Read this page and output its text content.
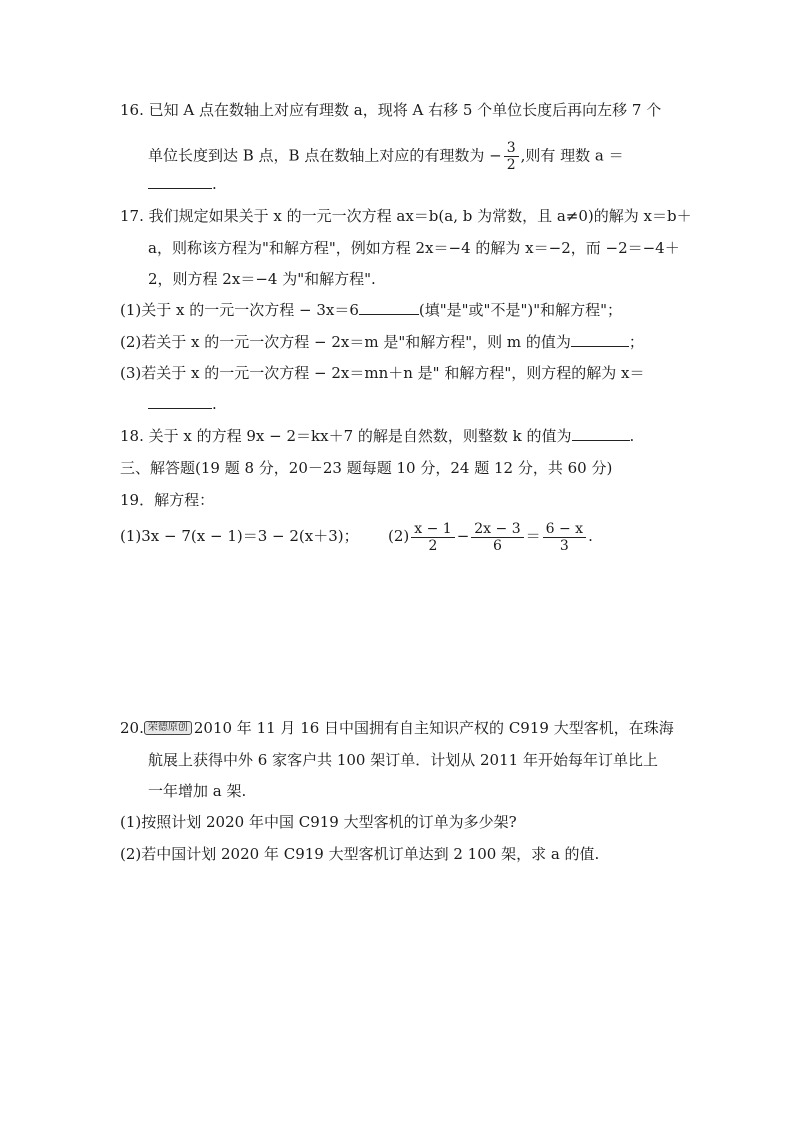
16. 已知 A 点在数轴上对应有理数 a，现将 A 右移 5 个单位长度后再向左移 7 个
单位长度到达 B 点，B 点在数轴上对应的有理数为 − $\frac{3}{2}$ ,则有 理数 a ＝
.
17. 我们规定如果关于 x 的一元一次方程 ax＝b(a, b 为常数，且 a≠0)的解为 x＝b＋
a，则称该方程为"和解方程"，例如方程 2x＝−4 的解为 x＝−2，而 −2＝−4＋
2，则方程 2x＝−4 为"和解方程".
(1)关于 x 的一元一次方程 − 3x＝6	(填"是"或"不是")"和解方程"；
(2)若关于 x 的一元一次方程 − 2x＝m 是"和解方程"，则 m 的值为	；
(3)若关于 x 的一元一次方程 − 2x＝mn＋n 是" 和解方程"，则方程的解为 x＝
.
18. 关于 x 的方程 9x − 2＝kx＋7 的解是自然数，则整数 k 的值为	.
三、解答题(19 题 8 分，20－23 题每题 10 分，24 题 12 分，共 60 分)
19．解方程：
(1)3x − 7(x − 1)＝3 − 2(x＋3)； $(2) \frac{x - 1}{2} - \frac{2x - 3}{6} = \frac{6 - x}{3}$ .
20. 荣德原创 2010 年 11 月 16 日中国拥有自主知识产权的 C919 大型客机，在珠海
航展上获得中外 6 家客户共 100 架订单．计划从 2011 年开始每年订单比上
一年增加 a 架.
(1)按照计划 2020 年中国 C919 大型客机的订单为多少架?
(2)若中国计划 2020 年 C919 大型客机订单达到 2 100 架，求 a 的值.
